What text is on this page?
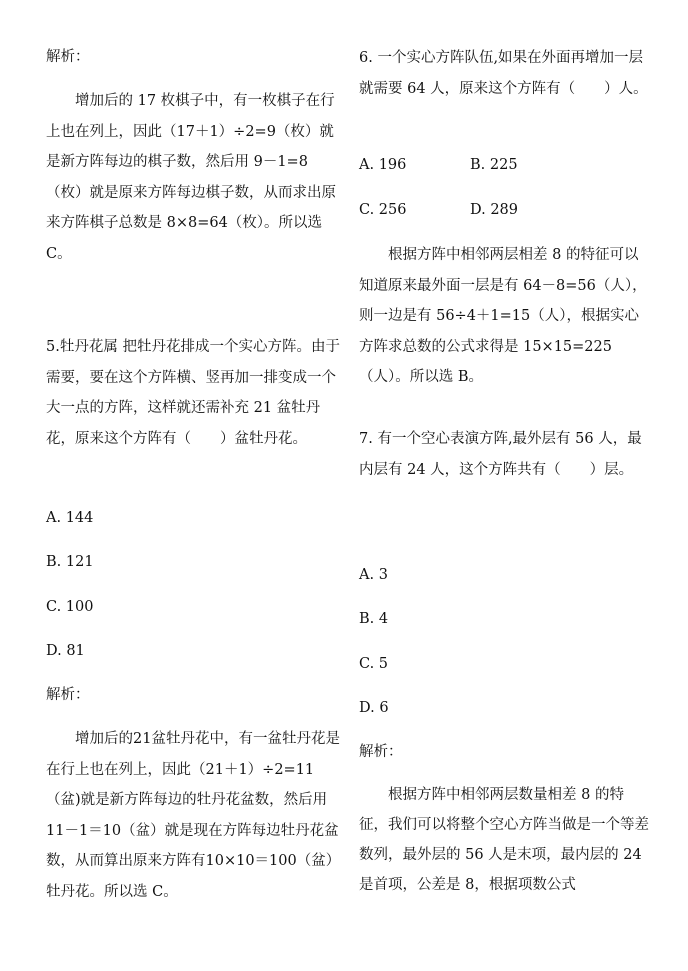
解析：

增加后的 17 枚棋子中，有一枚棋子在行上也在列上，因此（17＋1）÷2=9（枚）就是新方阵每边的棋子数，然后用 9－1=8（枚）就是原来方阵每边棋子数，从而求出原来方阵棋子总数是 8×8=64（枚）。所以选 C。

5.牡丹花属 把牡丹花排成一个实心方阵。由于需要，要在这个方阵横、竖再加一排变成一个大一点的方阵，这样就还需补充 21 盆牡丹花，原来这个方阵有（　　）盆牡丹花。

A. 144
B. 121
C. 100
D. 81
解析：

增加后的21盆牡丹花中，有一盆牡丹花是在行上也在列上，因此（21＋1）÷2=11（盆)就是新方阵每边的牡丹花盆数，然后用11－1＝10（盆）就是现在方阵每边牡丹花盆数，从而算出原来方阵有10×10＝100（盆）牡丹花。所以选 C。

6. 一个实心方阵队伍,如果在外面再增加一层就需要 64 人，原来这个方阵有（　　）人。

A. 196	B. 225
C. 256	D. 289

根据方阵中相邻两层相差 8 的特征可以知道原来最外面一层是有 64－8=56（人），则一边是有 56÷4＋1=15（人），根据实心方阵求总数的公式求得是 15×15=225（人）。所以选 B。

7. 有一个空心表演方阵,最外层有 56 人，最内层有 24 人，这个方阵共有（　　）层。

A. 3
B. 4
C. 5
D. 6
解析：

根据方阵中相邻两层数量相差 8 的特征，我们可以将整个空心方阵当做是一个等差数列，最外层的 56 人是末项，最内层的 24 是首项，公差是 8，根据项数公式
